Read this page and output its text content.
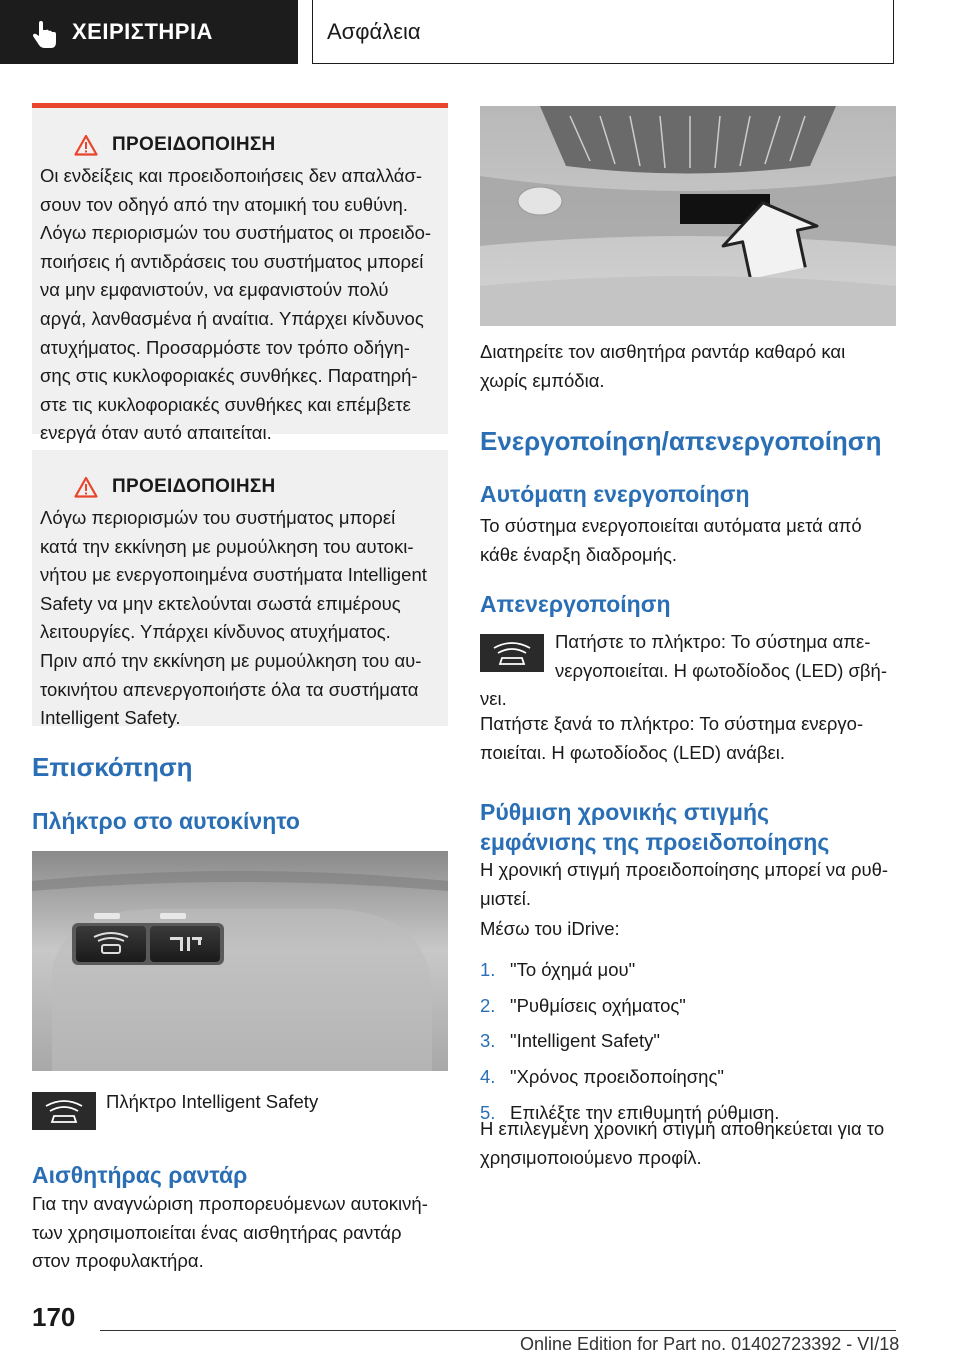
ΧΕΙΡΙΣΤΗΡΙΑ	Ασφάλεια
ΠΡΟΕΙΔΟΠΟΙΗΣΗ
Οι ενδείξεις και προειδοποιήσεις δεν απαλλάσ-
σουν τον οδηγό από την ατομική του ευθύνη.
Λόγω περιορισμών του συστήματος οι προειδο-
ποιήσεις ή αντιδράσεις του συστήματος μπορεί
να μην εμφανιστούν, να εμφανιστούν πολύ
αργά, λανθασμένα ή αναίτια. Υπάρχει κίνδυνος
ατυχήματος. Προσαρμόστε τον τρόπο οδήγη-
σης στις κυκλοφοριακές συνθήκες. Παρατηρή-
στε τις κυκλοφοριακές συνθήκες και επέμβετε
ενεργά όταν αυτό απαιτείται.
ΠΡΟΕΙΔΟΠΟΙΗΣΗ
Λόγω περιορισμών του συστήματος μπορεί
κατά την εκκίνηση με ρυμούλκηση του αυτοκι-
νήτου με ενεργοποιημένα συστήματα Intelligent
Safety να μην εκτελούνται σωστά επιμέρους
λειτουργίες. Υπάρχει κίνδυνος ατυχήματος.
Πριν από την εκκίνηση με ρυμούλκηση του αυ-
τοκινήτου απενεργοποιήστε όλα τα συστήματα
Intelligent Safety.
Επισκόπηση
Πλήκτρο στο αυτοκίνητο
Πλήκτρο Intelligent Safety
Αισθητήρας ραντάρ
Για την αναγνώριση προπορευόμενων αυτοκινή-
των χρησιμοποιείται ένας αισθητήρας ραντάρ
στον προφυλακτήρα.
Διατηρείτε τον αισθητήρα ραντάρ καθαρό και
χωρίς εμπόδια.
Ενεργοποίηση/απενεργοποίηση
Αυτόματη ενεργοποίηση
Το σύστημα ενεργοποιείται αυτόματα μετά από
κάθε έναρξη διαδρομής.
Απενεργοποίηση
Πατήστε το πλήκτρο: Το σύστημα απε-
νεργοποιείται. Η φωτοδίοδος (LED) σβή-
νει.
Πατήστε ξανά το πλήκτρο: Το σύστημα ενεργο-
ποιείται. Η φωτοδίοδος (LED) ανάβει.
Ρύθμιση χρονικής στιγμής
εμφάνισης της προειδοποίησης
Η χρονική στιγμή προειδοποίησης μπορεί να ρυθ-
μιστεί.
Μέσω του iDrive:
1. "Το όχημά μου"
2. "Ρυθμίσεις οχήματος"
3. "Intelligent Safety"
4. "Χρόνος προειδοποίησης"
5. Επιλέξτε την επιθυμητή ρύθμιση.
Η επιλεγμένη χρονική στιγμή αποθηκεύεται για το
χρησιμοποιούμενο προφίλ.
170
Online Edition for Part no. 01402723392 - VI/18
